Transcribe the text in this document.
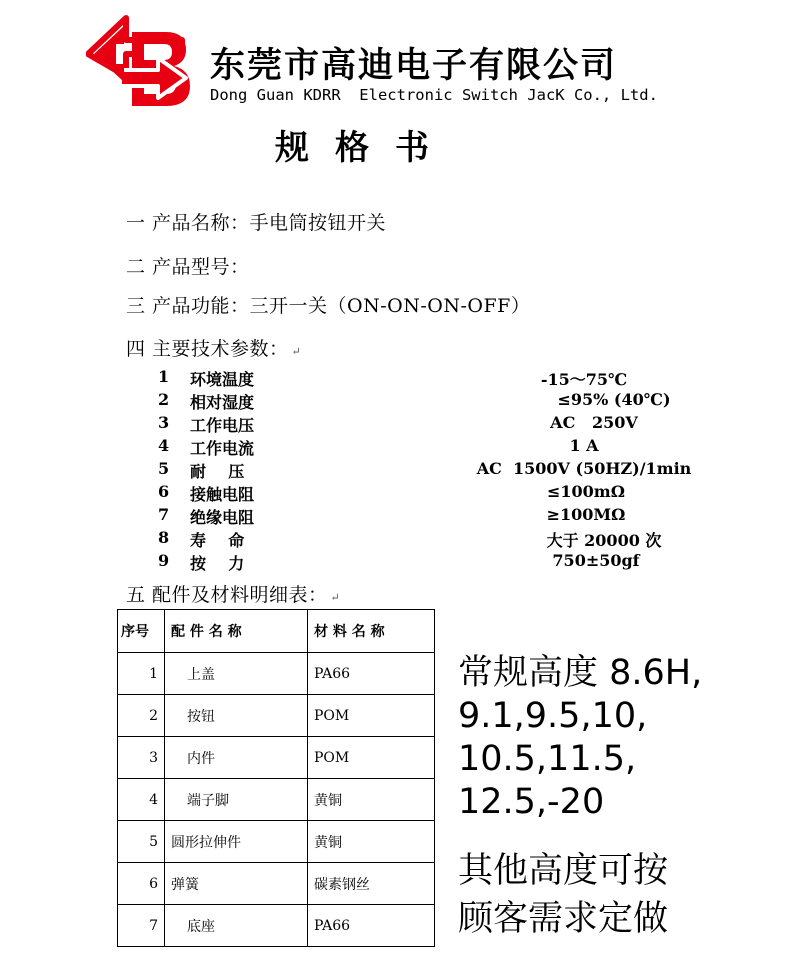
东莞市高迪电子有限公司
Dong Guan KDRR  Electronic Switch JacK Co., Ltd.
规格书
一 产品名称：手电筒按钮开关
二 产品型号：
三 产品功能：三开一关（ON-ON-ON-OFF）
四 主要技术参数： ↵
1 环境温度	-15～75℃
2 相对湿度	≤95% (40℃)
3 工作电压	AC   250V
4 工作电流	1 A
5 耐    压	AC  1500V (50HZ)/1min
6 接触电阻	≤100mΩ
7 绝缘电阻	≥100MΩ
8 寿    命	大于 20000 次
9 按    力	750±50gf
五 配件及材料明细表： ↵
序号	配 件 名 称	材 料 名 称
1	上盖	PA66
2	按钮	POM
3	内件	POM
4	端子脚	黄铜
5	圆形拉伸件	黄铜
6	弹簧	碳素钢丝
7	底座	PA66
常规高度 8.6H,
9.1,9.5,10,
10.5,11.5,
12.5,-20
其他高度可按
顾客需求定做
